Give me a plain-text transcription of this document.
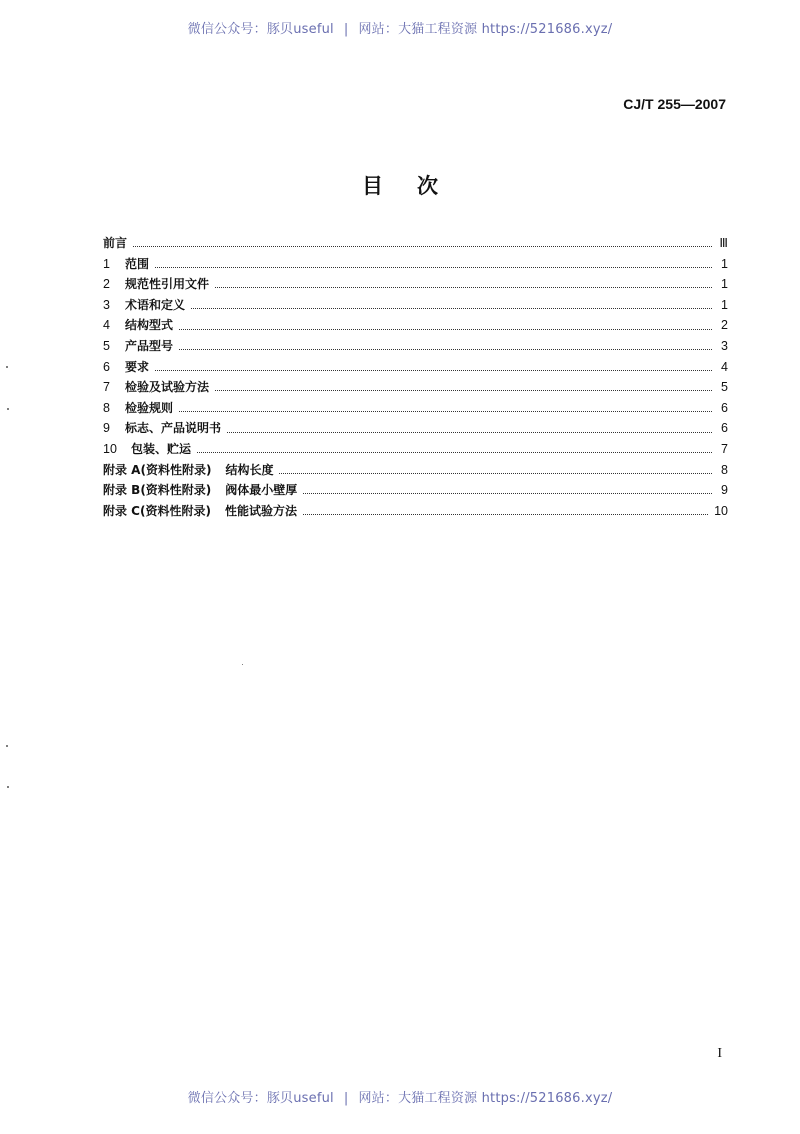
微信公众号：豚贝useful | 网站：大猫工程资源 https://521686.xyz/
CJ/T 255—2007
目次
前言	Ⅲ
1	范围	1
2	规范性引用文件	1
3	术语和定义	1
4	结构型式	2
5	产品型号	3
6	要求	4
7	检验及试验方法	5
8	检验规则	6
9	标志、产品说明书	6
10	包装、贮运	7
附录 A(资料性附录) 结构长度	8
附录 B(资料性附录) 阀体最小壁厚	9
附录 C(资料性附录) 性能试验方法	10
I
微信公众号：豚贝useful | 网站：大猫工程资源 https://521686.xyz/
